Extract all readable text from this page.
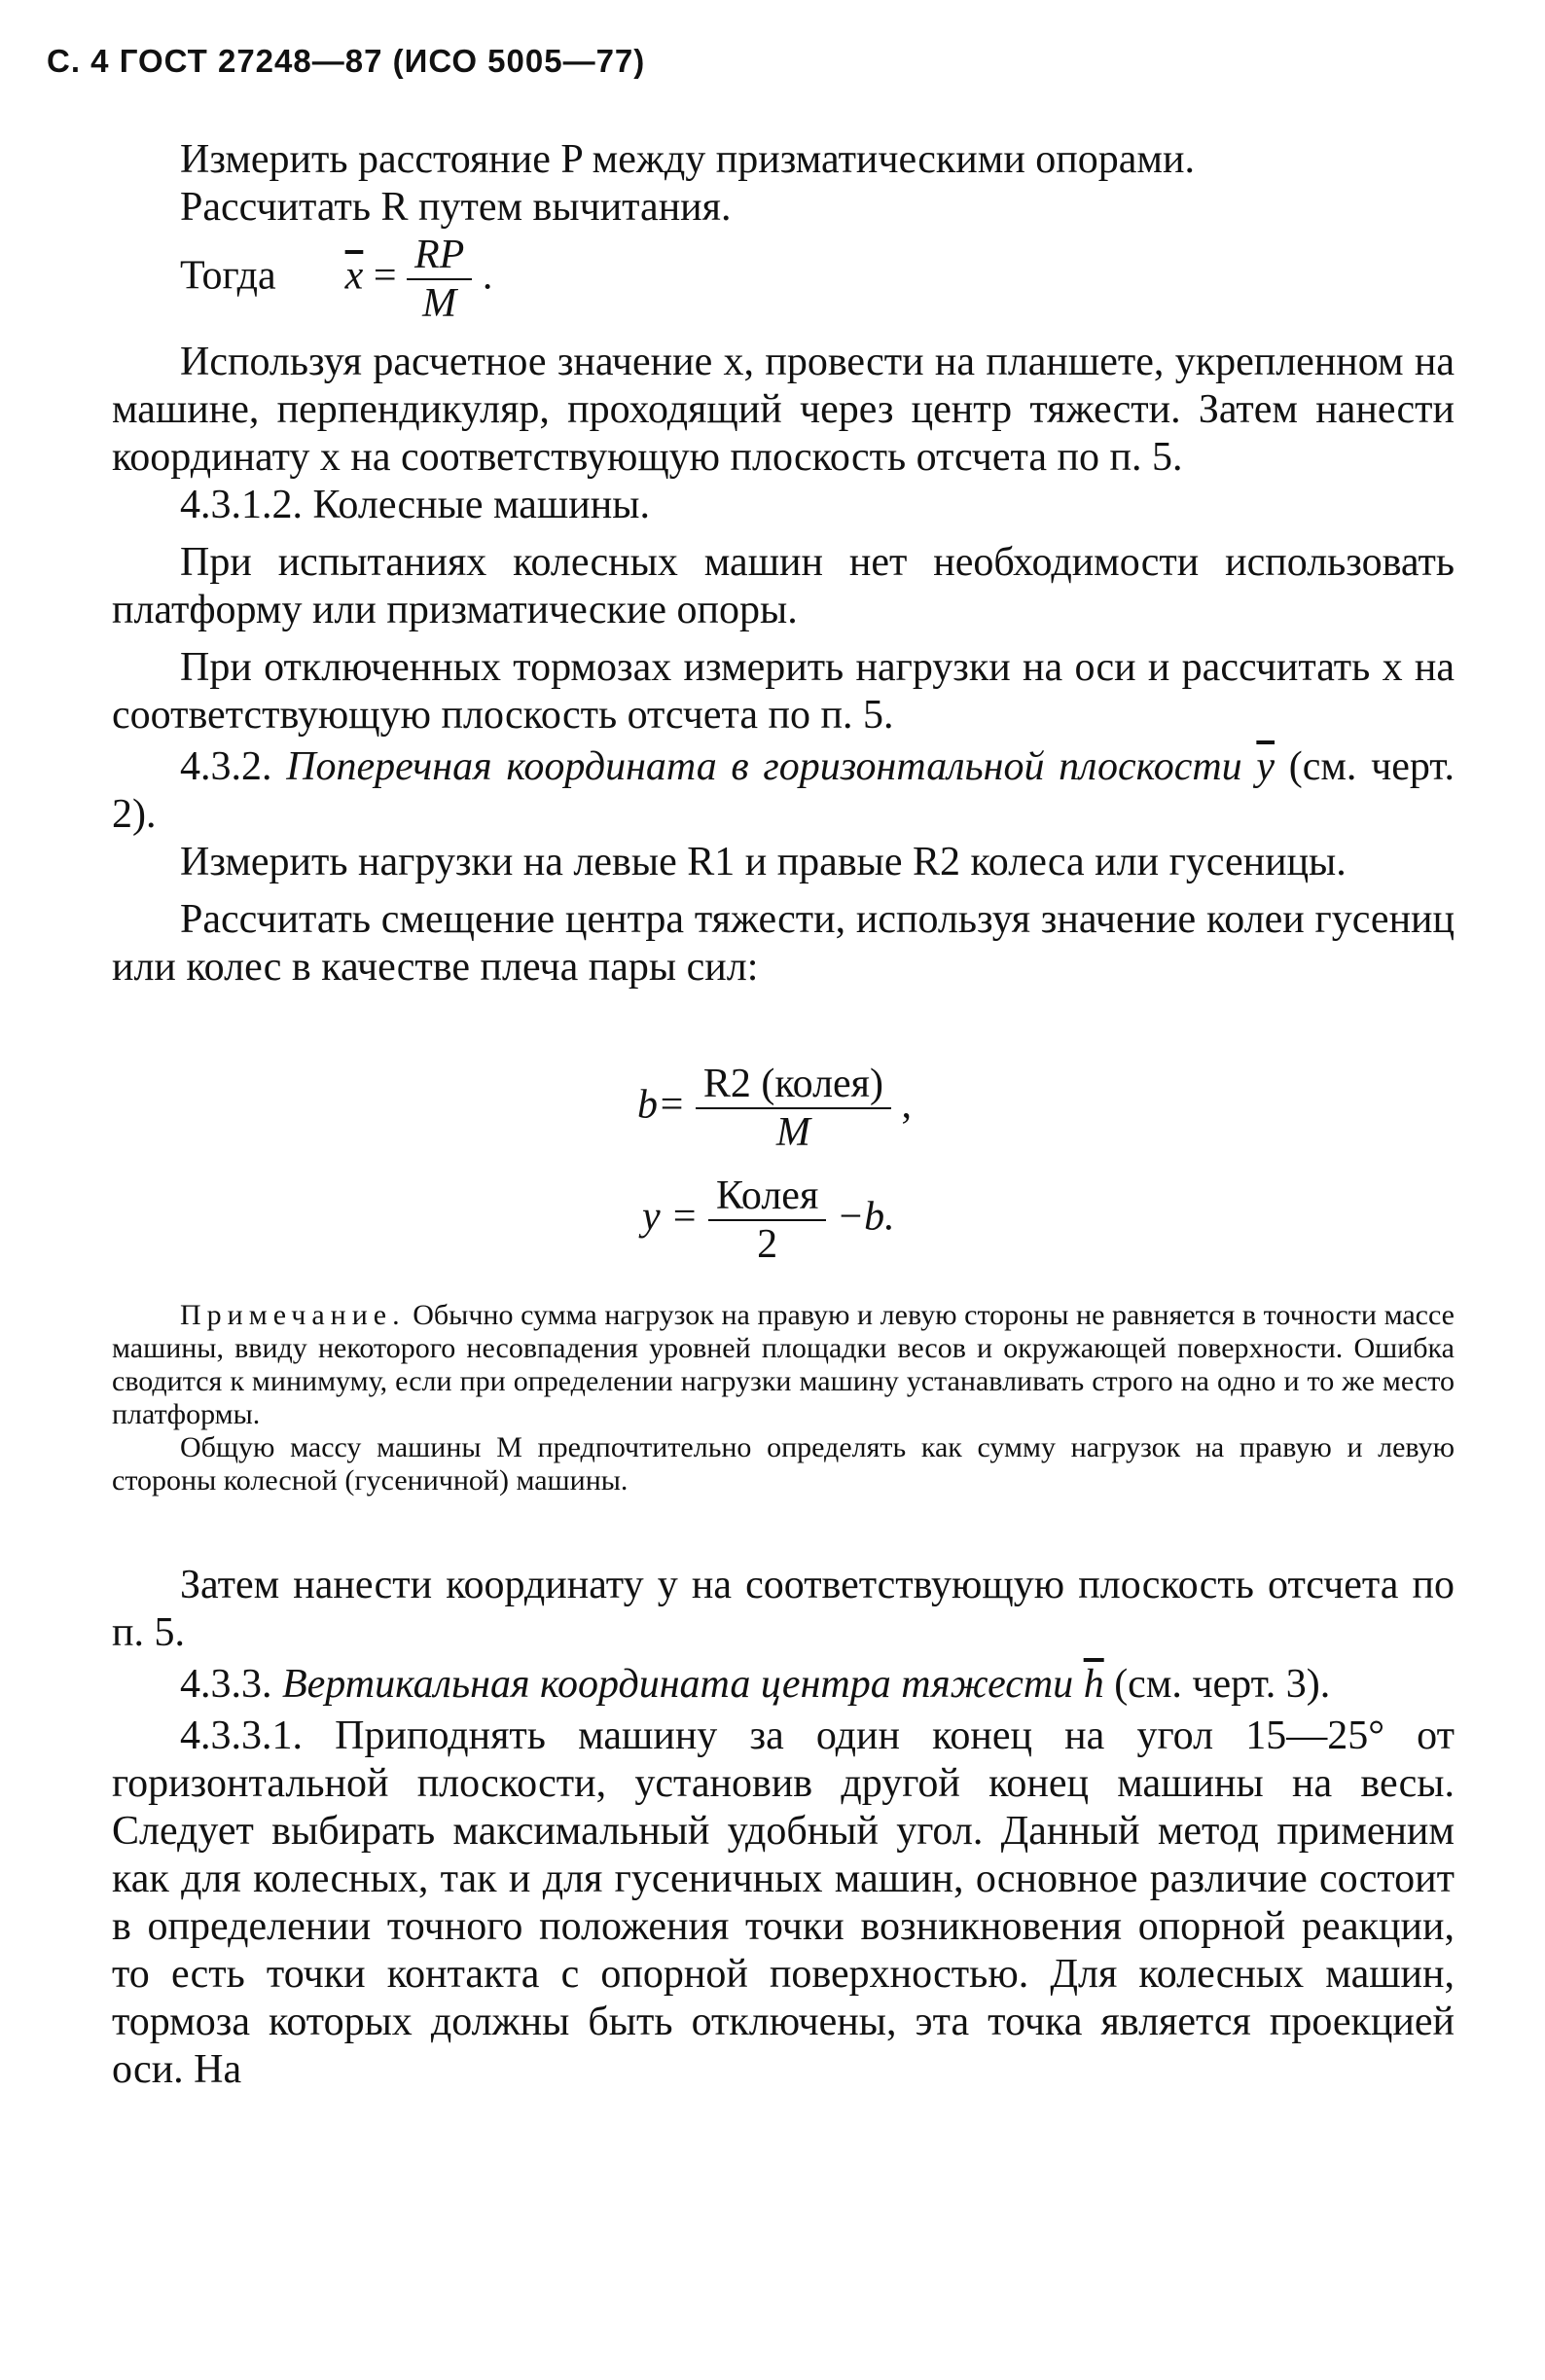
С. 4 ГОСТ 27248—87 (ИСО 5005—77)

Измерить расстояние P между призматическими опорами.

Рассчитать R путем вычитания.

Тогда $\overline{x} = \frac{RP}{M}$ .

Используя расчетное значение x, провести на планшете, укрепленном на машине, перпендикуляр, проходящий через центр тяжести. Затем нанести координату x на соответствующую плоскость отсчета по п. 5.

4.3.1.2. Колесные машины.

При испытаниях колесных машин нет необходимости использовать платформу или призматические опоры.

При отключенных тормозах измерить нагрузки на оси и рассчитать x на соответствующую плоскость отсчета по п. 5.

4.3.2. Поперечная координата в горизонтальной плоскости $\overline{y}$ (см. черт. 2).

Измерить нагрузки на левые R1 и правые R2 колеса или гусеницы.

Рассчитать смещение центра тяжести, используя значение колеи гусениц или колес в качестве плеча пары сил:

$b= \frac{\text{R2 (колея)}}{M}$ ,
$y = \frac{\text{Колея}}{2} -b$.

Примечание. Обычно сумма нагрузок на правую и левую стороны не равняется в точности массе машины, ввиду некоторого несовпадения уровней площадки весов и окружающей поверхности. Ошибка сводится к минимуму, если при определении нагрузки машину устанавливать строго на одно и то же место платформы.

Общую массу машины M предпочтительно определять как сумму нагрузок на правую и левую стороны колесной (гусеничной) машины.

Затем нанести координату y на соответствующую плоскость отсчета по п. 5.

4.3.3. Вертикальная координата центра тяжести $\overline{h}$ (см. черт. 3).

4.3.3.1. Приподнять машину за один конец на угол 15—25° от горизонтальной плоскости, установив другой конец машины на весы. Следует выбирать максимальный удобный угол. Данный метод применим как для колесных, так и для гусеничных машин, основное различие состоит в определении точного положения точки возникновения опорной реакции, то есть точки контакта с опорной поверхностью. Для колесных машин, тормоза которых должны быть отключены, эта точка является проекцией оси. На
